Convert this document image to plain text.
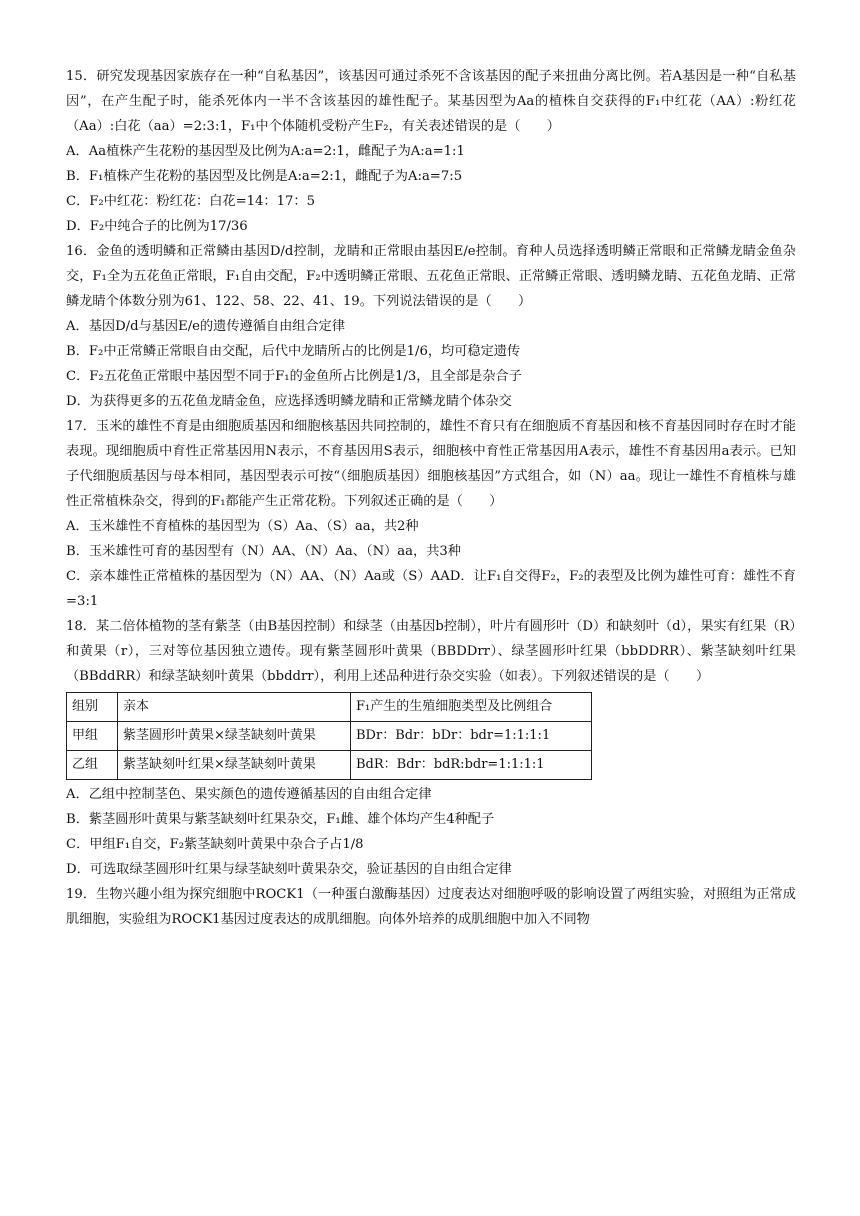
15．研究发现基因家族存在一种“自私基因”，该基因可通过杀死不含该基因的配子来扭曲分离比例。若A基因是一种“自私基因”，在产生配子时，能杀死体内一半不含该基因的雄性配子。某基因型为Aa的植株自交获得的F₁中红花（AA）:粉红花（Aa）:白花（aa）=2:3:1，F₁中个体随机受粉产生F₂，有关表述错误的是（　　）

A．Aa植株产生花粉的基因型及比例为A:a=2:1，雌配子为A:a=1:1

B．F₁植株产生花粉的基因型及比例是A:a=2:1，雌配子为A:a=7:5

C．F₂中红花：粉红花：白花=14：17：5

D．F₂中纯合子的比例为17/36

16．金鱼的透明鳞和正常鳞由基因D/d控制，龙睛和正常眼由基因E/e控制。育种人员选择透明鳞正常眼和正常鳞龙睛金鱼杂交，F₁全为五花鱼正常眼，F₁自由交配，F₂中透明鳞正常眼、五花鱼正常眼、正常鳞正常眼、透明鳞龙睛、五花鱼龙睛、正常鳞龙睛个体数分别为61、122、58、22、41、19。下列说法错误的是（　　）

A．基因D/d与基因E/e的遗传遵循自由组合定律

B．F₂中正常鳞正常眼自由交配，后代中龙睛所占的比例是1/6，均可稳定遗传

C．F₂五花鱼正常眼中基因型不同于F₁的金鱼所占比例是1/3，且全部是杂合子

D．为获得更多的五花鱼龙睛金鱼，应选择透明鳞龙睛和正常鳞龙睛个体杂交

17．玉米的雄性不育是由细胞质基因和细胞核基因共同控制的，雄性不育只有在细胞质不育基因和核不育基因同时存在时才能表现。现细胞质中育性正常基因用N表示，不育基因用S表示，细胞核中育性正常基因用A表示，雄性不育基因用a表示。已知子代细胞质基因与母本相同，基因型表示可按“（细胞质基因）细胞核基因”方式组合，如（N）aa。现让一雄性不育植株与雄性正常植株杂交，得到的F₁都能产生正常花粉。下列叙述正确的是（　　）

A．玉米雄性不育植株的基因型为（S）Aa、（S）aa，共2种

B．玉米雄性可育的基因型有（N）AA、（N）Aa、（N）aa，共3种

C．亲本雄性正常植株的基因型为（N）AA、（N）Aa或（S）AAD．让F₁自交得F₂，F₂的表型及比例为雄性可育：雄性不育=3:1

18．某二倍体植物的茎有紫茎（由B基因控制）和绿茎（由基因b控制），叶片有圆形叶（D）和缺刻叶（d），果实有红果（R）和黄果（r），三对等位基因独立遗传。现有紫茎圆形叶黄果（BBDDrr）、绿茎圆形叶红果（bbDDRR）、紫茎缺刻叶红果（BBddRR）和绿茎缺刻叶黄果（bbddrr），利用上述品种进行杂交实验（如表）。下列叙述错误的是（　　）

组别	亲本	F₁产生的生殖细胞类型及比例组合
甲组	紫茎圆形叶黄果×绿茎缺刻叶黄果	BDr：Bdr：bDr：bdr=1:1:1:1
乙组	紫茎缺刻叶红果×绿茎缺刻叶黄果	BdR：Bdr：bdR:bdr=1:1:1:1

A．乙组中控制茎色、果实颜色的遗传遵循基因的自由组合定律

B．紫茎圆形叶黄果与紫茎缺刻叶红果杂交，F₁雌、雄个体均产生4种配子

C．甲组F₁自交，F₂紫茎缺刻叶黄果中杂合子占1/8

D．可选取绿茎圆形叶红果与绿茎缺刻叶黄果杂交，验证基因的自由组合定律

19．生物兴趣小组为探究细胞中ROCK1（一种蛋白激酶基因）过度表达对细胞呼吸的影响设置了两组实验，对照组为正常成肌细胞，实验组为ROCK1基因过度表达的成肌细胞。向体外培养的成肌细胞中加入不同物
